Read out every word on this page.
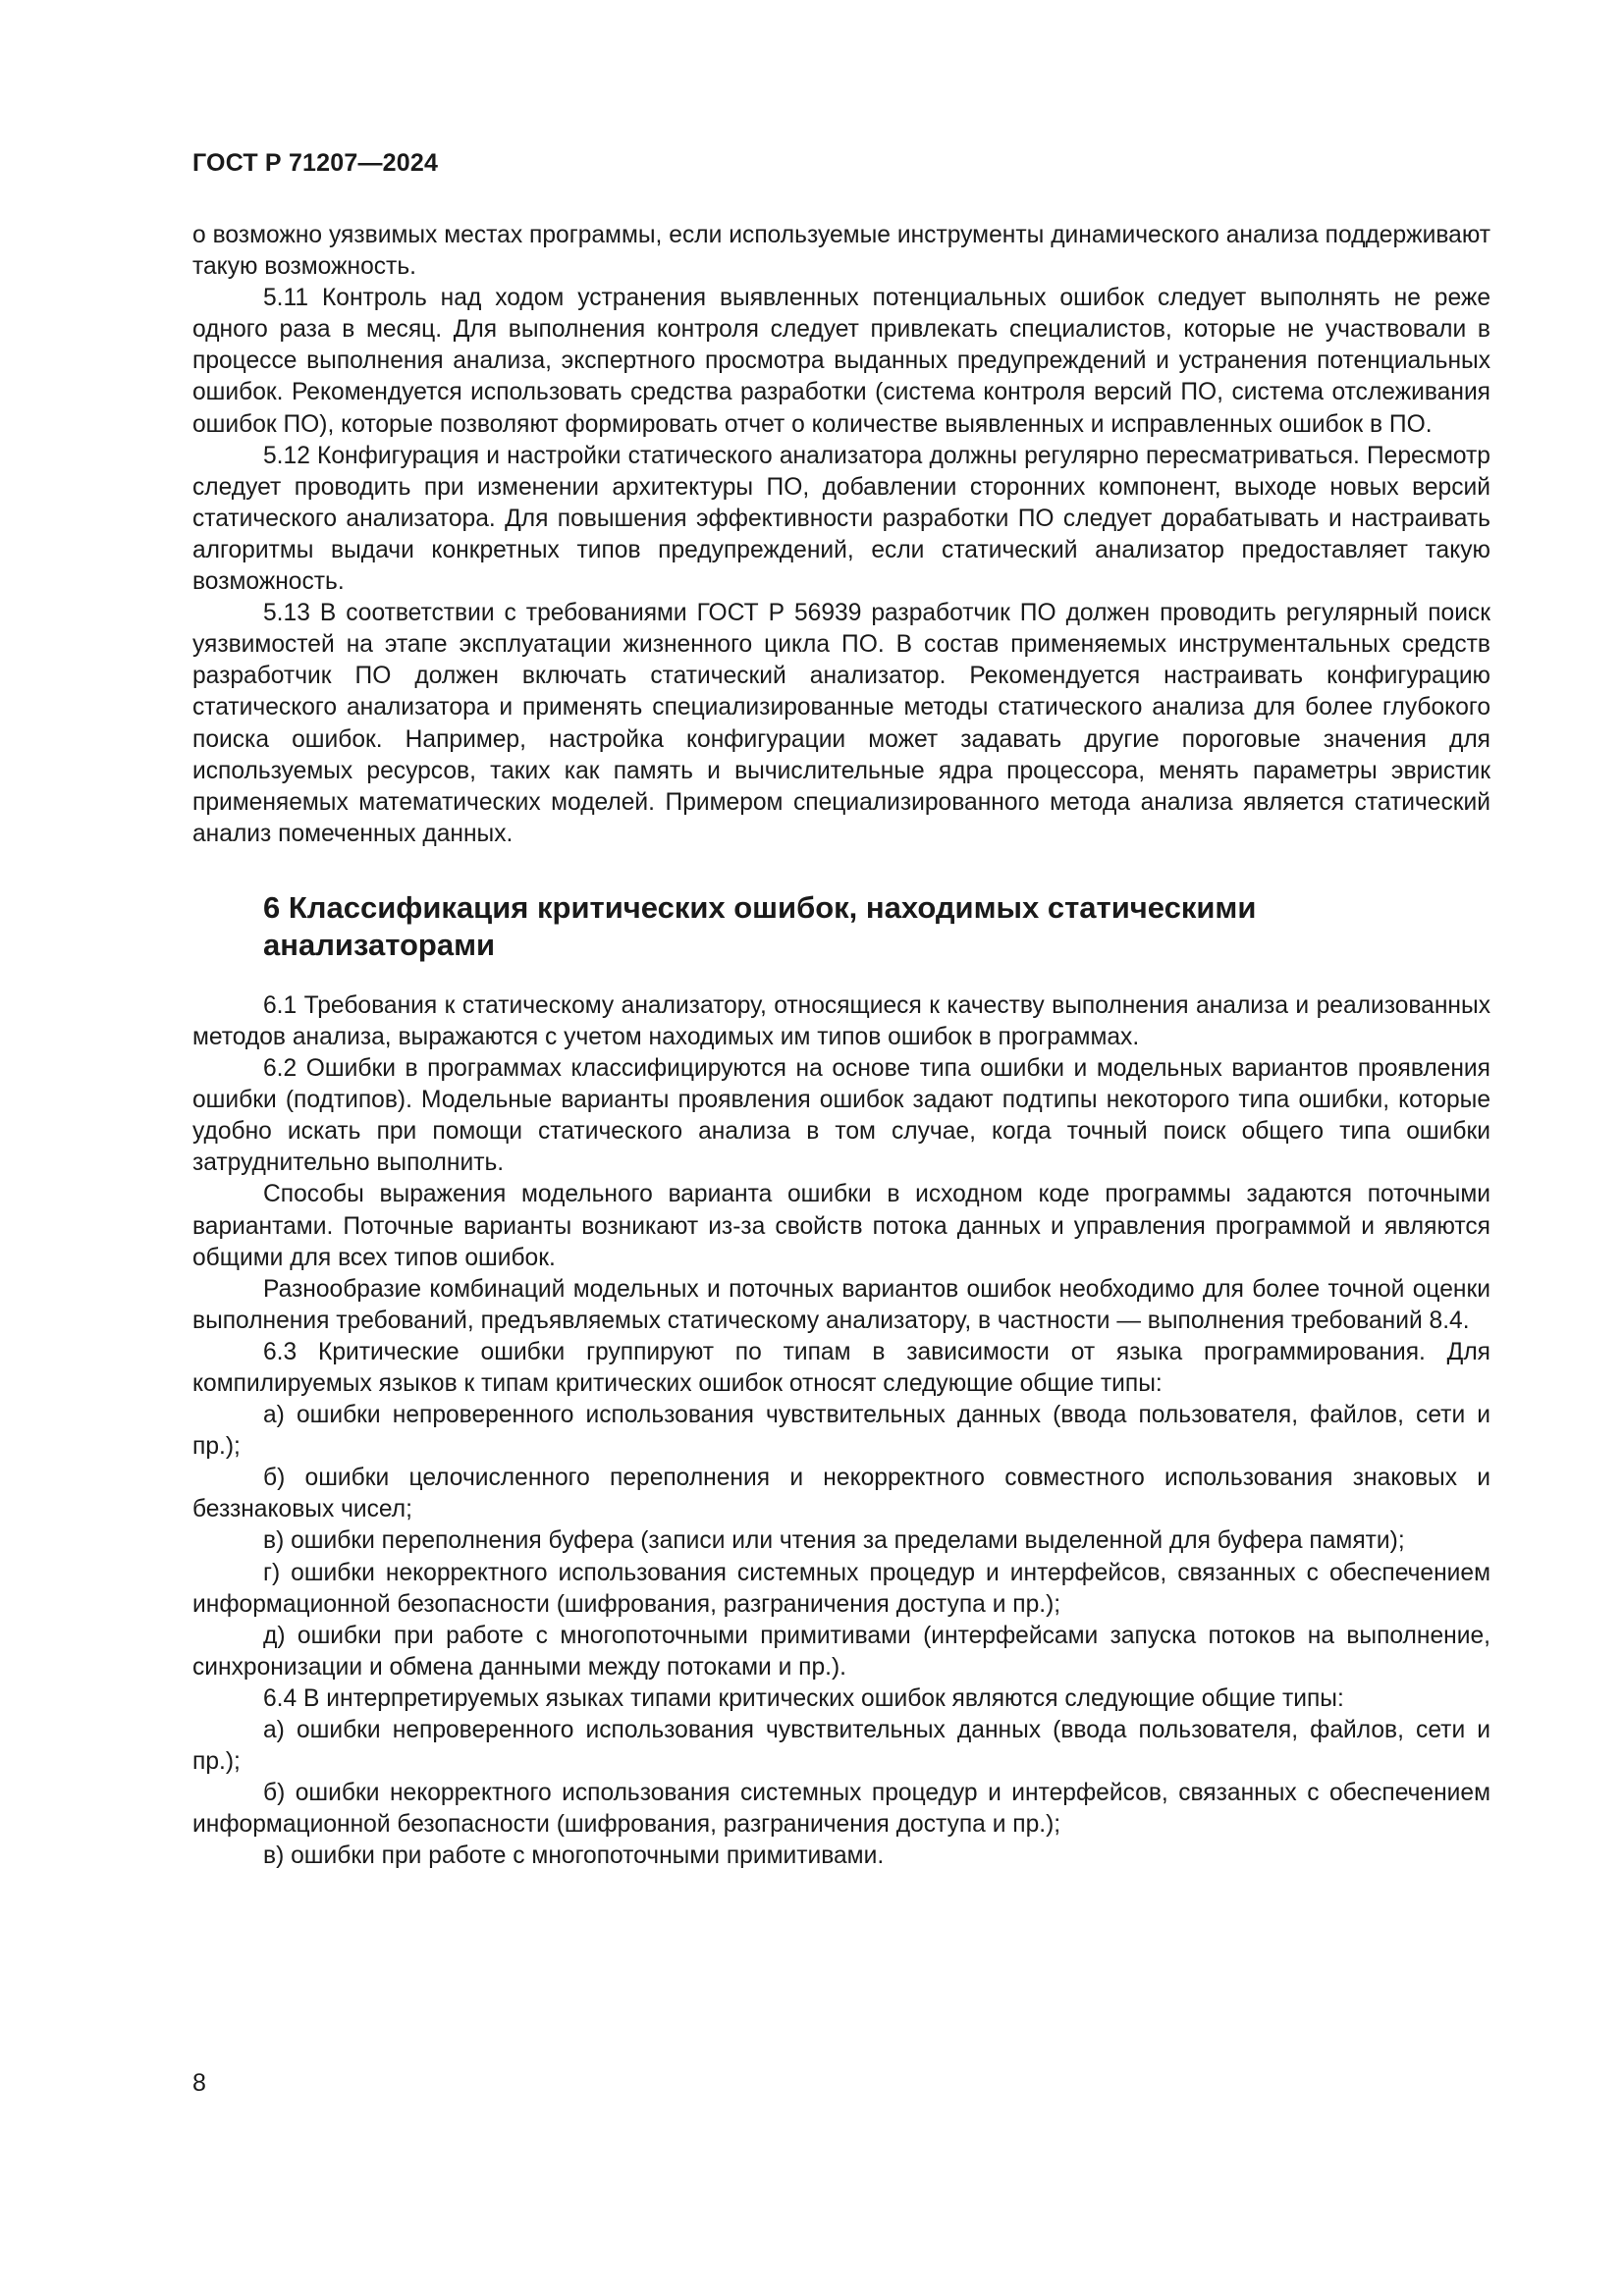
ГОСТ Р 71207—2024

о возможно уязвимых местах программы, если используемые инструменты динамического анализа поддерживают такую возможность.

5.11 Контроль над ходом устранения выявленных потенциальных ошибок следует выполнять не реже одного раза в месяц. Для выполнения контроля следует привлекать специалистов, которые не участвовали в процессе выполнения анализа, экспертного просмотра выданных предупреждений и устранения потенциальных ошибок. Рекомендуется использовать средства разработки (система контроля версий ПО, система отслеживания ошибок ПО), которые позволяют формировать отчет о количестве выявленных и исправленных ошибок в ПО.

5.12 Конфигурация и настройки статического анализатора должны регулярно пересматриваться. Пересмотр следует проводить при изменении архитектуры ПО, добавлении сторонних компонент, выходе новых версий статического анализатора. Для повышения эффективности разработки ПО следует дорабатывать и настраивать алгоритмы выдачи конкретных типов предупреждений, если статический анализатор предоставляет такую возможность.

5.13 В соответствии с требованиями ГОСТ Р 56939 разработчик ПО должен проводить регулярный поиск уязвимостей на этапе эксплуатации жизненного цикла ПО. В состав применяемых инструментальных средств разработчик ПО должен включать статический анализатор. Рекомендуется настраивать конфигурацию статического анализатора и применять специализированные методы статического анализа для более глубокого поиска ошибок. Например, настройка конфигурации может задавать другие пороговые значения для используемых ресурсов, таких как память и вычислительные ядра процессора, менять параметры эвристик применяемых математических моделей. Примером специализированного метода анализа является статический анализ помеченных данных.

6 Классификация критических ошибок, находимых статическими анализаторами

6.1 Требования к статическому анализатору, относящиеся к качеству выполнения анализа и реализованных методов анализа, выражаются с учетом находимых им типов ошибок в программах.

6.2 Ошибки в программах классифицируются на основе типа ошибки и модельных вариантов проявления ошибки (подтипов). Модельные варианты проявления ошибок задают подтипы некоторого типа ошибки, которые удобно искать при помощи статического анализа в том случае, когда точный поиск общего типа ошибки затруднительно выполнить.

Способы выражения модельного варианта ошибки в исходном коде программы задаются поточными вариантами. Поточные варианты возникают из-за свойств потока данных и управления программой и являются общими для всех типов ошибок.

Разнообразие комбинаций модельных и поточных вариантов ошибок необходимо для более точной оценки выполнения требований, предъявляемых статическому анализатору, в частности — выполнения требований 8.4.

6.3 Критические ошибки группируют по типам в зависимости от языка программирования. Для компилируемых языков к типам критических ошибок относят следующие общие типы:

а) ошибки непроверенного использования чувствительных данных (ввода пользователя, файлов, сети и пр.);

б) ошибки целочисленного переполнения и некорректного совместного использования знаковых и беззнаковых чисел;

в) ошибки переполнения буфера (записи или чтения за пределами выделенной для буфера памяти);

г) ошибки некорректного использования системных процедур и интерфейсов, связанных с обеспечением информационной безопасности (шифрования, разграничения доступа и пр.);

д) ошибки при работе с многопоточными примитивами (интерфейсами запуска потоков на выполнение, синхронизации и обмена данными между потоками и пр.).

6.4 В интерпретируемых языках типами критических ошибок являются следующие общие типы:

а) ошибки непроверенного использования чувствительных данных (ввода пользователя, файлов, сети и пр.);

б) ошибки некорректного использования системных процедур и интерфейсов, связанных с обеспечением информационной безопасности (шифрования, разграничения доступа и пр.);

в) ошибки при работе с многопоточными примитивами.

8
